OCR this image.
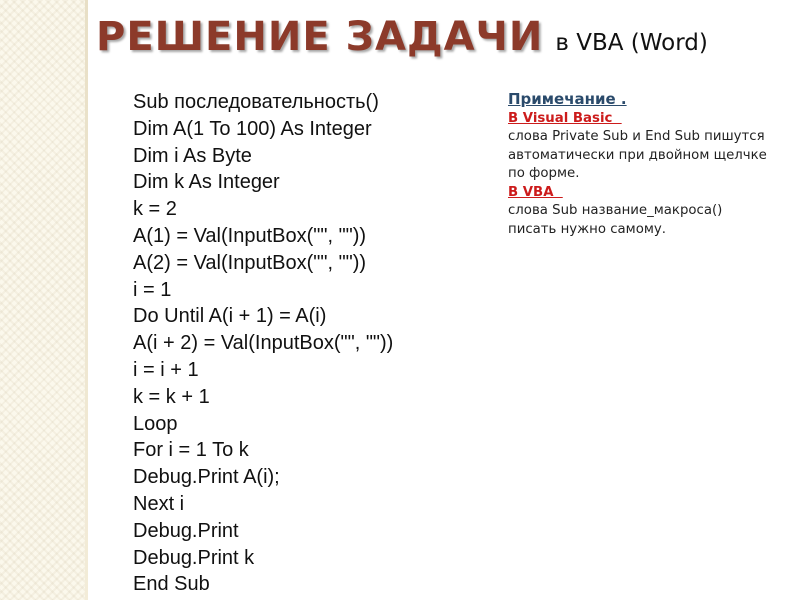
РЕШЕНИЕ ЗАДАЧИ в VBA (Word)
Sub последовательность()
Dim A(1 To 100) As Integer
Dim i As Byte
Dim k As Integer
k = 2
A(1) = Val(InputBox("", ""))
A(2) = Val(InputBox("", ""))
i = 1
Do Until A(i + 1) = A(i)
A(i + 2) = Val(InputBox("", ""))
i = i + 1
k = k + 1
Loop
For i = 1 To k
Debug.Print A(i);
Next i
Debug.Print
Debug.Print k
End Sub
Примечание .
В Visual Basic
слова Private Sub и End Sub пишутся
автоматически при двойном щелчке
по форме.
В VBA
слова Sub название_макроса()
писать нужно самому.
